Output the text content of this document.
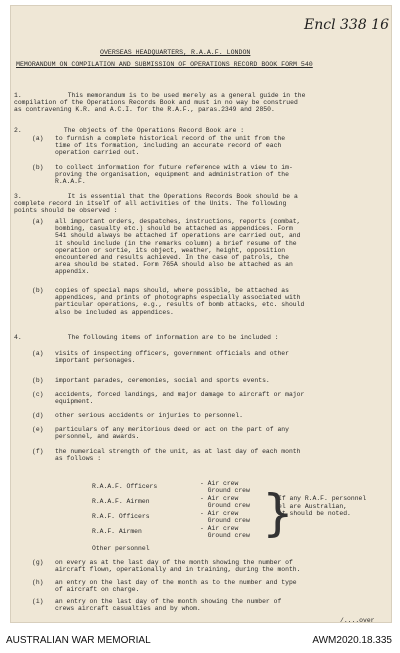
Encl 338 16
OVERSEAS HEADQUARTERS, R.A.A.F. LONDON
MEMORANDUM ON COMPILATION AND SUBMISSION OF OPERATIONS RECORD BOOK FORM 540
1.            This memorandum is to be used merely as a general guide in the
compilation of the Operations Records Book and must in no way be construed
as contravening K.R. and A.C.I. for the R.A.F., paras.2349 and 2850.
2.           The objects of the Operations Record Book are :
(a)   to furnish a complete historical record of the unit from the
time of its formation, including an accurate record of each
operation carried out.
(b)   to collect information for future reference with a view to im-
proving the organisation, equipment and administration of the
R.A.A.F.
3.            It is essential that the Operations Records Book should be a
complete record in itself of all activities of the Units. The following
points should be observed :
(a)   all important orders, despatches, instructions, reports (combat,
bombing, casualty etc.) should be attached as appendices. Form
541 should always be attached if operations are carried out, and
it should include (in the remarks column) a brief resume of the
operation or sortie, its object, weather, height, opposition
encountered and results achieved. In the case of patrols, the
area should be stated. Form 765A should also be attached as an
appendix.
(b)   copies of special maps should, where possible, be attached as
appendices, and prints of photographs especially associated with
particular operations, e.g., results of bomb attacks, etc. should
also be included as appendices.
4.            The following items of information are to be included :
(a)   visits of inspecting officers, government officials and other
important personages.
(b)   important parades, ceremonies, social and sports events.
(c)   accidents, forced landings, and major damage to aircraft or major
equipment.
(d)   other serious accidents or injuries to personnel.
(e)   particulars of any meritorious deed or act on the part of any
personnel, and awards.
(f)   the numerical strength of the unit, as at last day of each month
as follows :
R.A.A.F. Officers	- Air crew
Ground crew
R.A.A.F. Airmen	- Air crew
Ground crew
R.A.F. Officers	- Air crew
Ground crew
R.A.F. Airmen	- Air crew
Ground crew
If any R.A.F. personnel
el are Australian,
it should be noted.
Other personnel
(g)   on every as at the last day of the month showing the number of
aircraft flown, operationally and in training, during the month.
(h)   an entry on the last day of the month as to the number and type
of aircraft on charge.
(i)   an entry on the last day of the month showing the number of
crews aircraft casualties and by whom.
/....over
}
AUSTRALIAN WAR MEMORIAL	AWM2020.18.335
